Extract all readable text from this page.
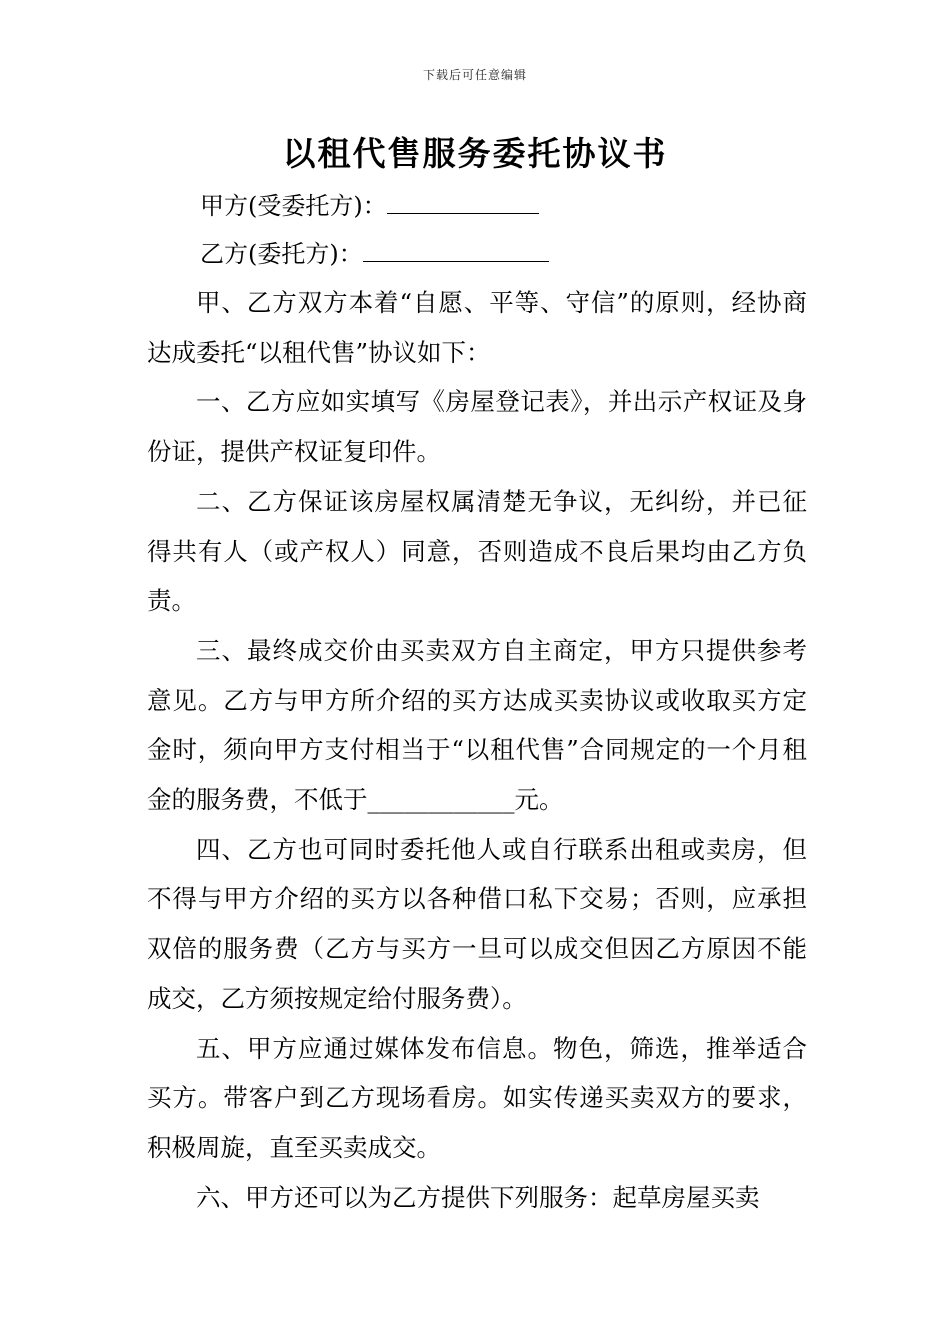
下载后可任意编辑
以租代售服务委托协议书
甲方(受委托方)：
乙方(委托方)：

甲、乙方双方本着“自愿、平等、守信”的原则，经协商达成委托“以租代售”协议如下：

一、乙方应如实填写《房屋登记表》，并出示产权证及身份证，提供产权证复印件。

二、乙方保证该房屋权属清楚无争议，无纠纷，并已征得共有人（或产权人）同意，否则造成不良后果均由乙方负责。

三、最终成交价由买卖双方自主商定，甲方只提供参考意见。乙方与甲方所介绍的买方达成买卖协议或收取买方定金时，须向甲方支付相当于“以租代售”合同规定的一个月租金的服务费，不低于____________元。

四、乙方也可同时委托他人或自行联系出租或卖房，但不得与甲方介绍的买方以各种借口私下交易；否则，应承担双倍的服务费（乙方与买方一旦可以成交但因乙方原因不能成交，乙方须按规定给付服务费）。

五、甲方应通过媒体发布信息。物色，筛选，推举适合买方。带客户到乙方现场看房。如实传递买卖双方的要求，积极周旋，直至买卖成交。

六、甲方还可以为乙方提供下列服务：起草房屋买卖
